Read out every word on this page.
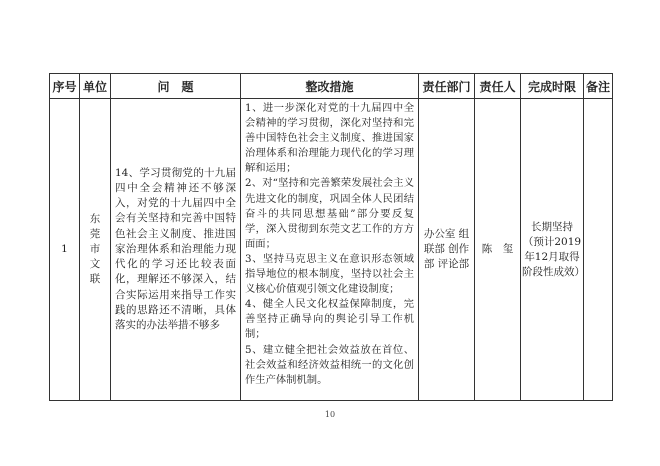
序号	单位	问　题	整改措施	责任部门	责任人	完成时限	备注
1	东莞市文联	14、学习贯彻党的十九届四中全会精神还不够深入，对党的十九届四中全会有关坚持和完善中国特色社会主义制度、推进国家治理体系和治理能力现代化的学习还比较表面化，理解还不够深入，结合实际运用来指导工作实践的思路还不清晰，具体落实的办法举措不够多	1、进一步深化对党的十九届四中全会精神的学习贯彻，深化对坚持和完善中国特色社会主义制度、推进国家治理体系和治理能力现代化的学习理解和运用；

2、对“坚持和完善繁荣发展社会主义先进文化的制度，巩固全体人民团结奋斗的共同思想基础”部分要反复学，深入贯彻到东莞文艺工作的方方面面；

3、坚持马克思主义在意识形态领域指导地位的根本制度，坚持以社会主义核心价值观引领文化建设制度；

4、健全人民文化权益保障制度，完善坚持正确导向的舆论引导工作机制；

5、建立健全把社会效益放在首位、社会效益和经济效益相统一的文化创作生产体制机制。	办公室 组联部 创作部 评论部	陈　玺	长期坚持（预计2019年12月取得阶段性成效）	

10
